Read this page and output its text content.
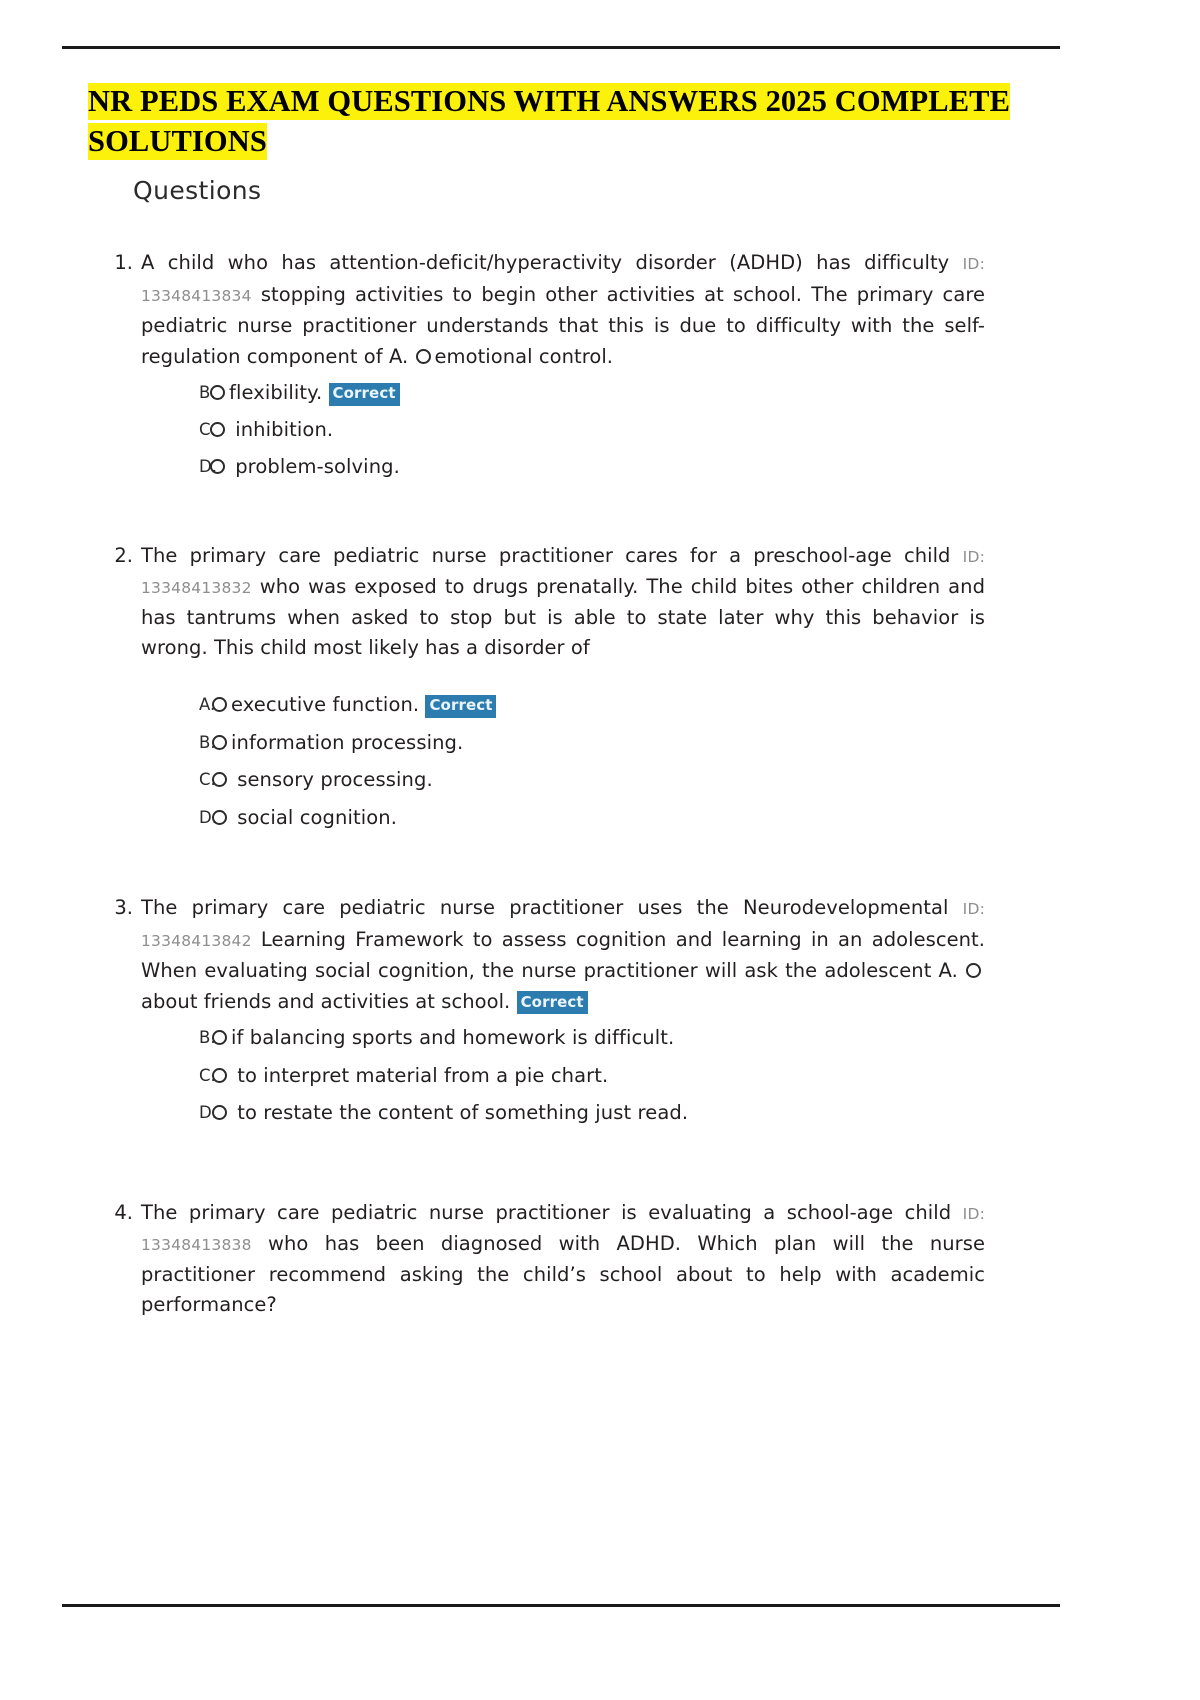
NR PEDS EXAM QUESTIONS WITH ANSWERS 2025 COMPLETE
SOLUTIONS
Questions
1. A child who has attention-deficit/hyperactivity disorder (ADHD) has difficulty ID: 13348413834 stopping activities to begin other activities at school. The primary care pediatric nurse practitioner understands that this is due to difficulty with the self-regulation component of A. emotional control.
B. flexibility. Correct
C. inhibition.
D. problem-solving.
2. The primary care pediatric nurse practitioner cares for a preschool-age child ID: 13348413832 who was exposed to drugs prenatally. The child bites other children and has tantrums when asked to stop but is able to state later why this behavior is wrong. This child most likely has a disorder of
A. executive function. Correct
B. information processing.
C. sensory processing.
D. social cognition.
3. The primary care pediatric nurse practitioner uses the Neurodevelopmental ID: 13348413842 Learning Framework to assess cognition and learning in an adolescent. When evaluating social cognition, the nurse practitioner will ask the adolescent A.  about friends and activities at school. Correct
B. if balancing sports and homework is difficult.
C. to interpret material from a pie chart.
D. to restate the content of something just read.
4. The primary care pediatric nurse practitioner is evaluating a school-age child ID: 13348413838 who has been diagnosed with ADHD. Which plan will the nurse practitioner recommend asking the child’s school about to help with academic performance?
